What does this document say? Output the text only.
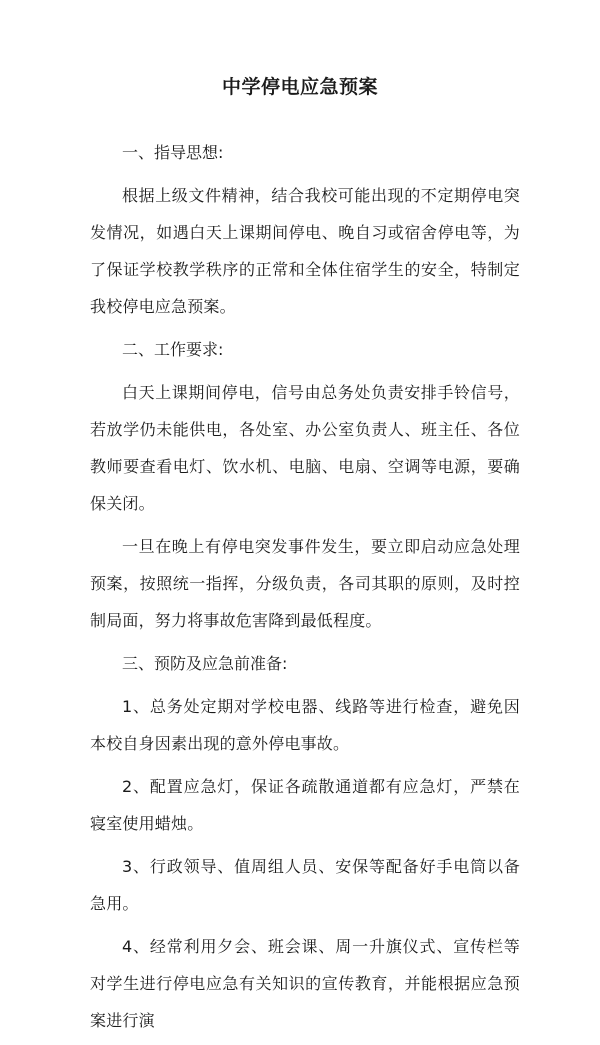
中学停电应急预案
一、指导思想:

根据上级文件精神，结合我校可能出现的不定期停电突发情况，如遇白天上课期间停电、晚自习或宿舍停电等，为了保证学校教学秩序的正常和全体住宿学生的安全，特制定我校停电应急预案。

二、工作要求:

白天上课期间停电，信号由总务处负责安排手铃信号，若放学仍未能供电，各处室、办公室负责人、班主任、各位教师要查看电灯、饮水机、电脑、电扇、空调等电源，要确保关闭。

一旦在晚上有停电突发事件发生，要立即启动应急处理预案，按照统一指挥，分级负责，各司其职的原则，及时控制局面，努力将事故危害降到最低程度。

三、预防及应急前准备:

1、总务处定期对学校电器、线路等进行检查，避免因本校自身因素出现的意外停电事故。

2、配置应急灯，保证各疏散通道都有应急灯，严禁在寝室使用蜡烛。

3、行政领导、值周组人员、安保等配备好手电筒以备急用。

4、经常利用夕会、班会课、周一升旗仪式、宣传栏等对学生进行停电应急有关知识的宣传教育，并能根据应急预案进行演
